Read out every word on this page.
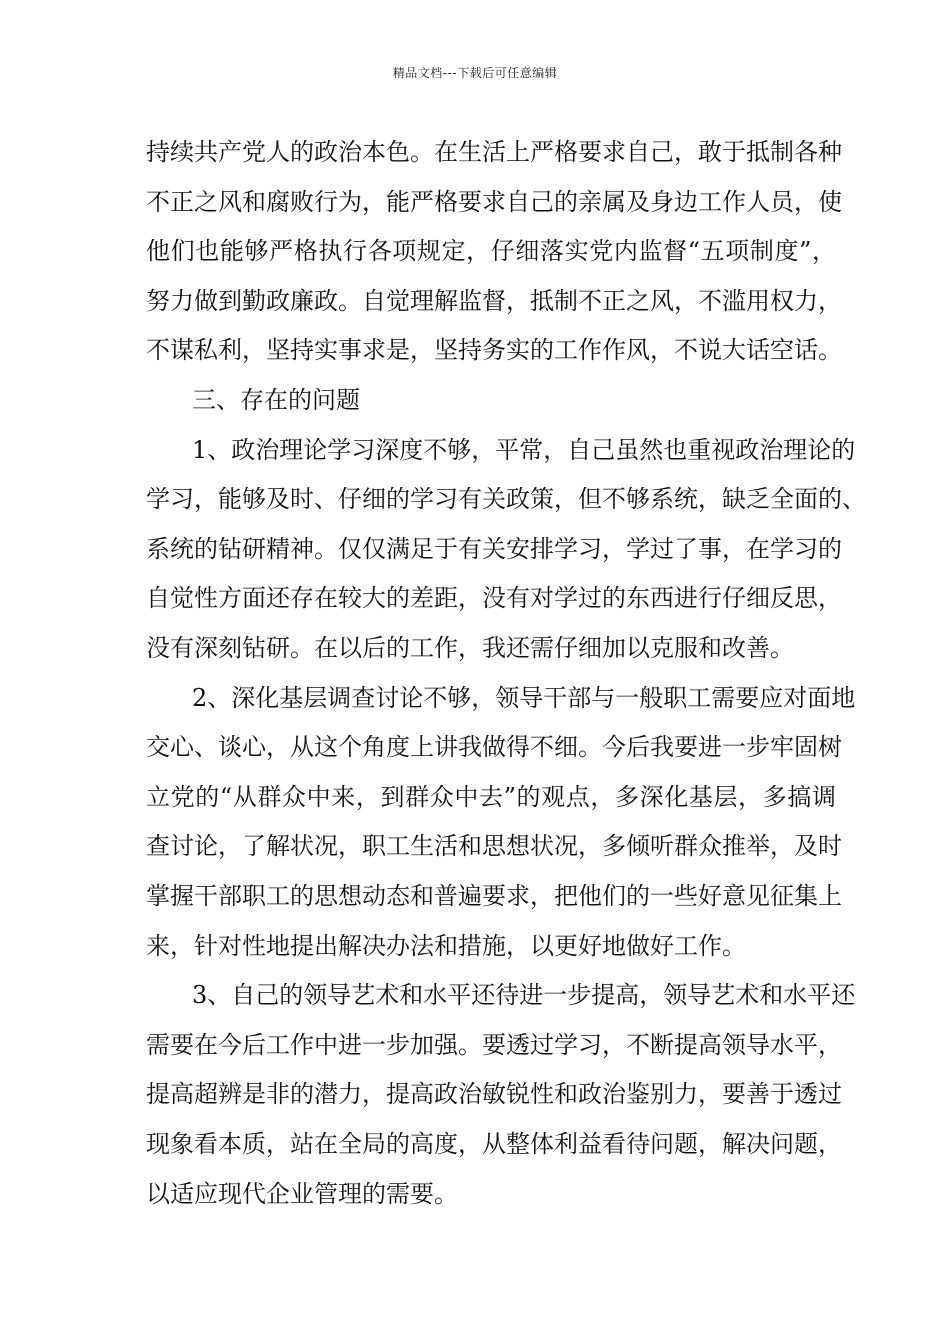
精品文档---下载后可任意编辑
持续共产党人的政治本色。在生活上严格要求自己，敢于抵制各种
不正之风和腐败行为，能严格要求自己的亲属及身边工作人员，使
他们也能够严格执行各项规定，仔细落实党内监督“五项制度”，
努力做到勤政廉政。自觉理解监督，抵制不正之风，不滥用权力，
不谋私利，坚持实事求是，坚持务实的工作作风，不说大话空话。
三、存在的问题
1、政治理论学习深度不够，平常，自己虽然也重视政治理论的
学习，能够及时、仔细的学习有关政策，但不够系统，缺乏全面的、
系统的钻研精神。仅仅满足于有关安排学习，学过了事，在学习的
自觉性方面还存在较大的差距，没有对学过的东西进行仔细反思，
没有深刻钻研。在以后的工作，我还需仔细加以克服和改善。
2、深化基层调查讨论不够，领导干部与一般职工需要应对面地
交心、谈心，从这个角度上讲我做得不细。今后我要进一步牢固树
立党的“从群众中来，到群众中去”的观点，多深化基层，多搞调
查讨论，了解状况，职工生活和思想状况，多倾听群众推举，及时
掌握干部职工的思想动态和普遍要求，把他们的一些好意见征集上
来，针对性地提出解决办法和措施，以更好地做好工作。
3、自己的领导艺术和水平还待进一步提高，领导艺术和水平还
需要在今后工作中进一步加强。要透过学习，不断提高领导水平，
提高超辨是非的潜力，提高政治敏锐性和政治鉴别力，要善于透过
现象看本质，站在全局的高度，从整体利益看待问题，解决问题，
以适应现代企业管理的需要。
